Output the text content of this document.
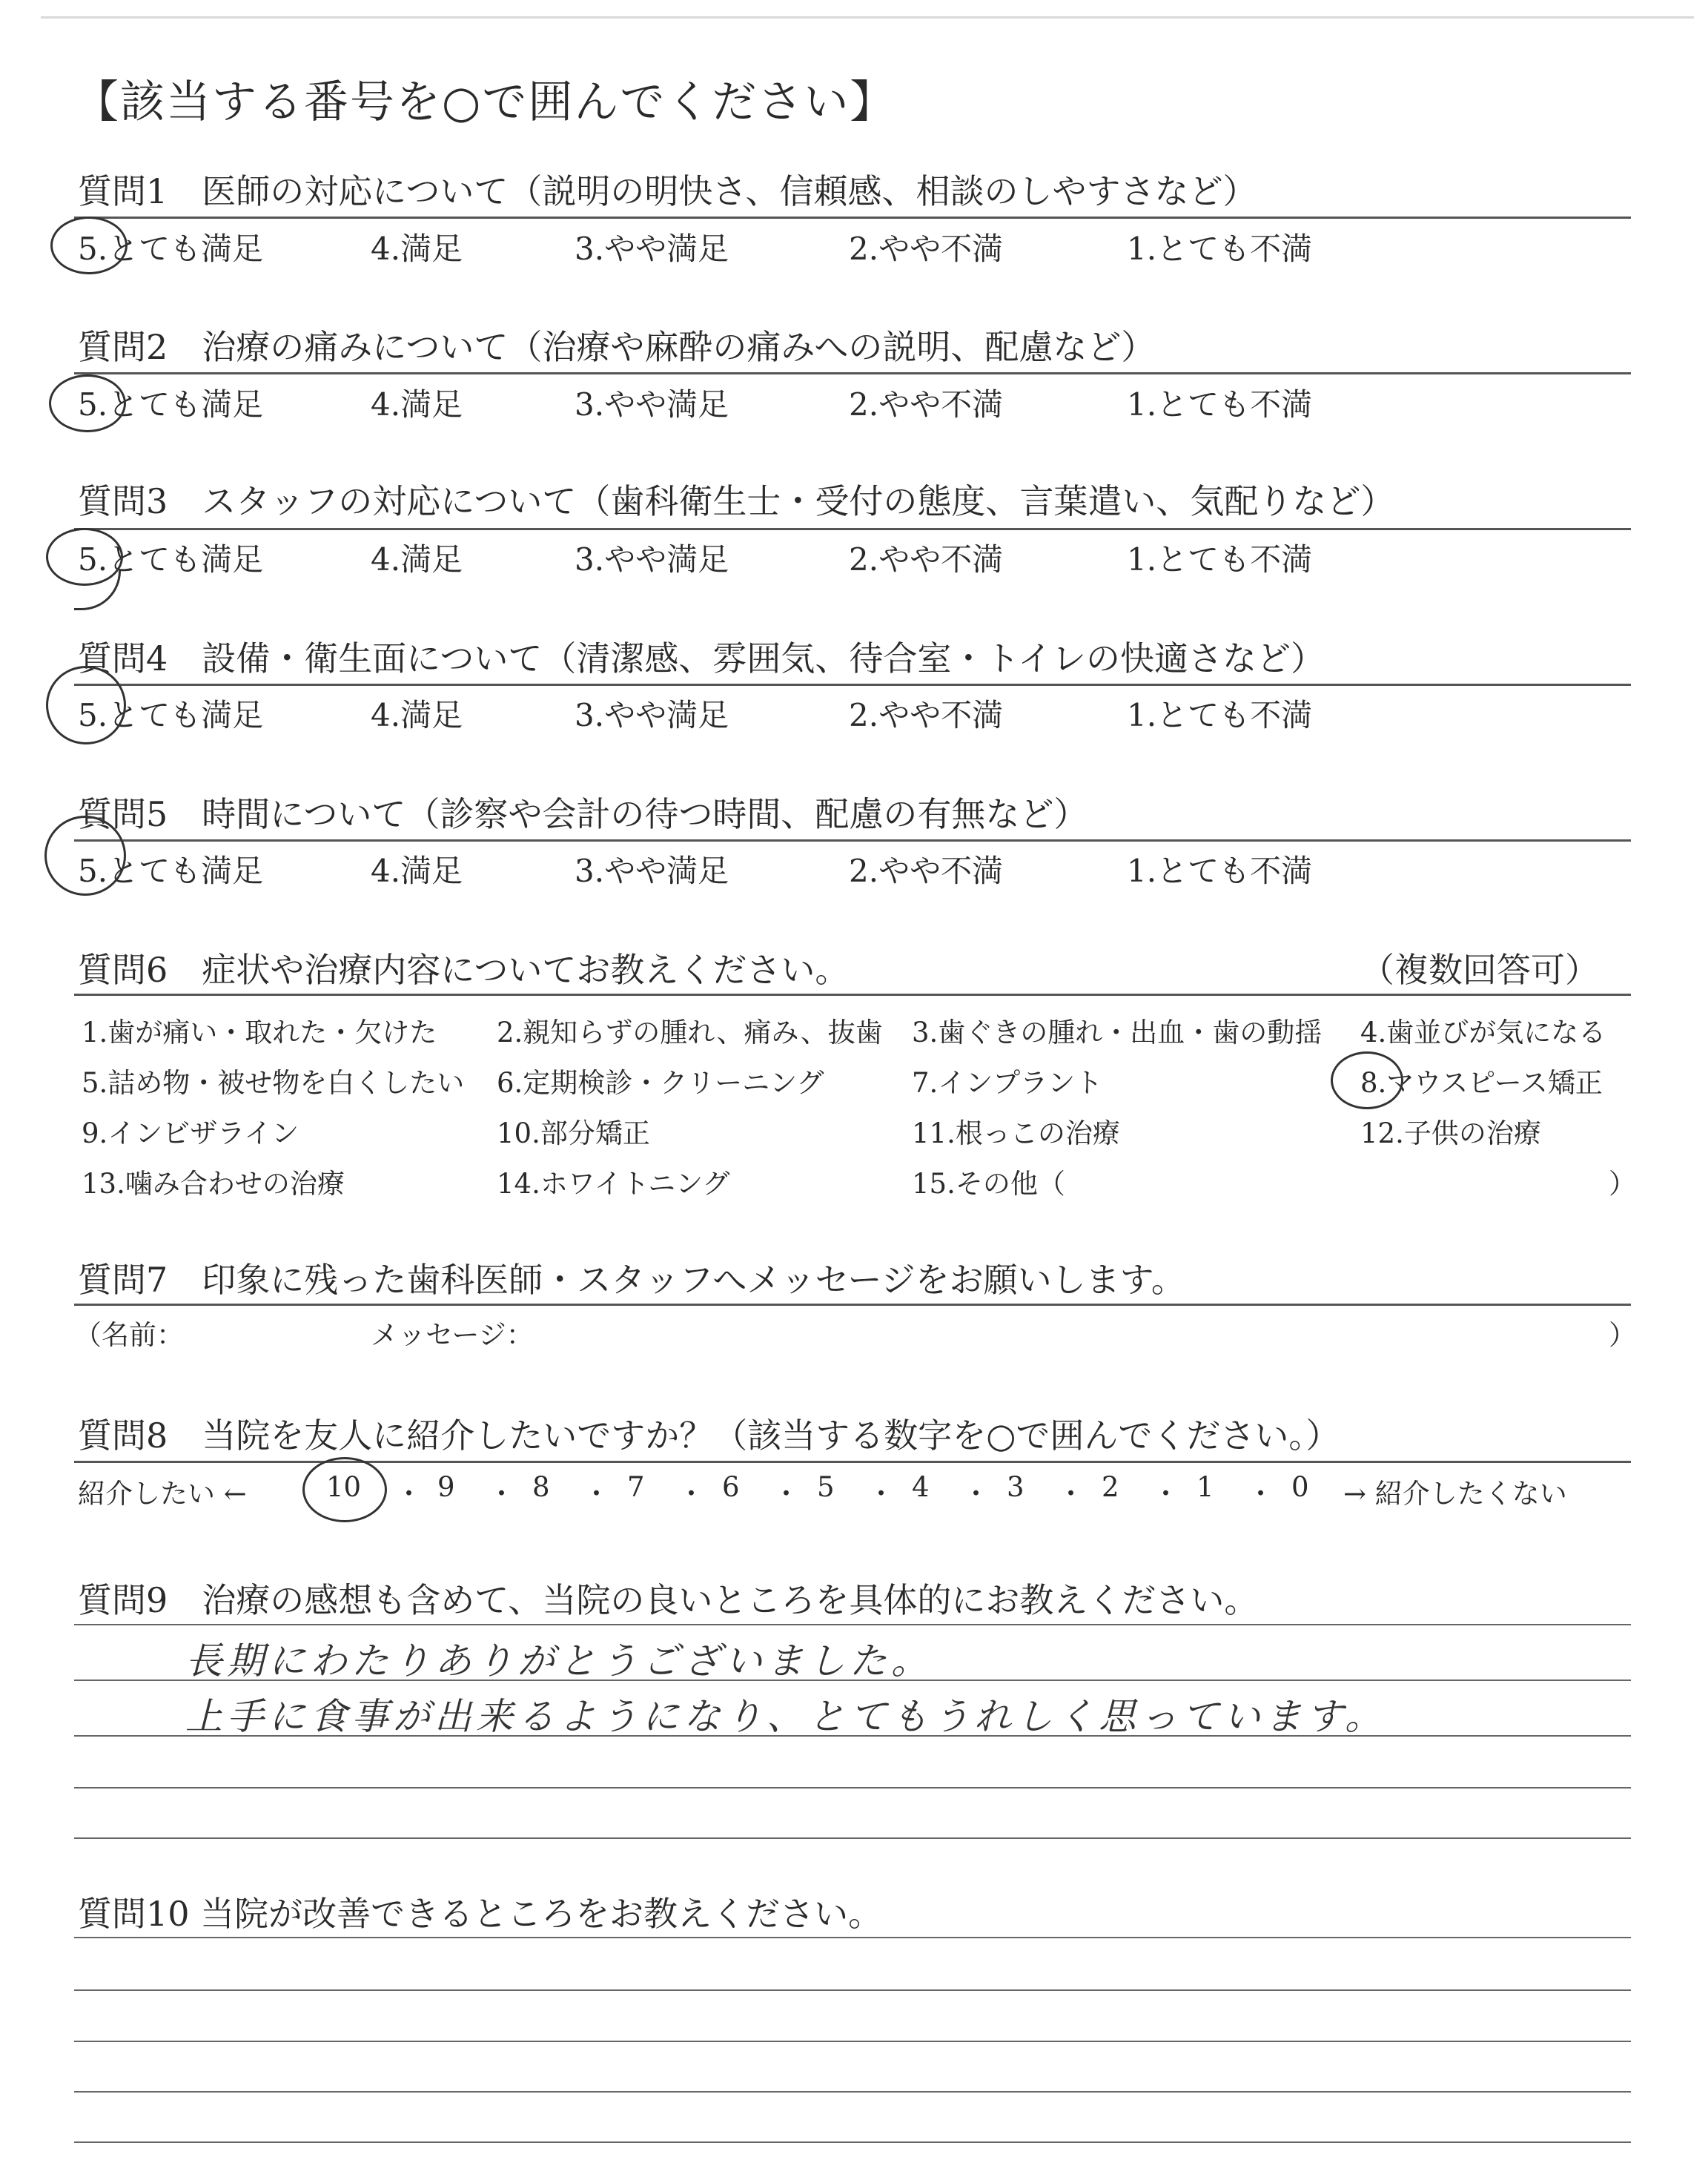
【該当する番号を○で囲んでください】
質問1　医師の対応について（説明の明快さ、信頼感、相談のしやすさなど）
5.とても満足	4.満足	3.やや満足	2.やや不満	1.とても不満
質問2　治療の痛みについて（治療や麻酔の痛みへの説明、配慮など）
5.とても満足	4.満足	3.やや満足	2.やや不満	1.とても不満
質問3　スタッフの対応について（歯科衛生士・受付の態度、言葉遣い、気配りなど）
5.とても満足	4.満足	3.やや満足	2.やや不満	1.とても不満
質問4　設備・衛生面について（清潔感、雰囲気、待合室・トイレの快適さなど）
5.とても満足	4.満足	3.やや満足	2.やや不満	1.とても不満
質問5　時間について（診察や会計の待つ時間、配慮の有無など）
5.とても満足	4.満足	3.やや満足	2.やや不満	1.とても不満
質問6　症状や治療内容についてお教えください。	（複数回答可）
1.歯が痛い・取れた・欠けた 2.親知らずの腫れ、痛み、抜歯 3.歯ぐきの腫れ・出血・歯の動揺 4.歯並びが気になる
5.詰め物・被せ物を白くしたい 6.定期検診・クリーニング	7.インプラント	8.マウスピース矯正
9.インビザライン	10.部分矯正	11.根っこの治療	12.子供の治療
13.噛み合わせの治療	14.ホワイトニング	15.その他（	）
質問7　印象に残った歯科医師・スタッフへメッセージをお願いします。
（名前：	メッセージ：	）
質問8　当院を友人に紹介したいですか？（該当する数字を○で囲んでください。）
紹介したい ←	10 ・ 9 ・ 8 ・ 7 ・ 6 ・ 5 ・ 4 ・ 3 ・ 2 ・ 1 ・ 0 → 紹介したくない
質問9　治療の感想も含めて、当院の良いところを具体的にお教えください。
長期にわたりありがとうございました。
上手に食事が出来るようになり、とてもうれしく思っています。
質問10 当院が改善できるところをお教えください。
